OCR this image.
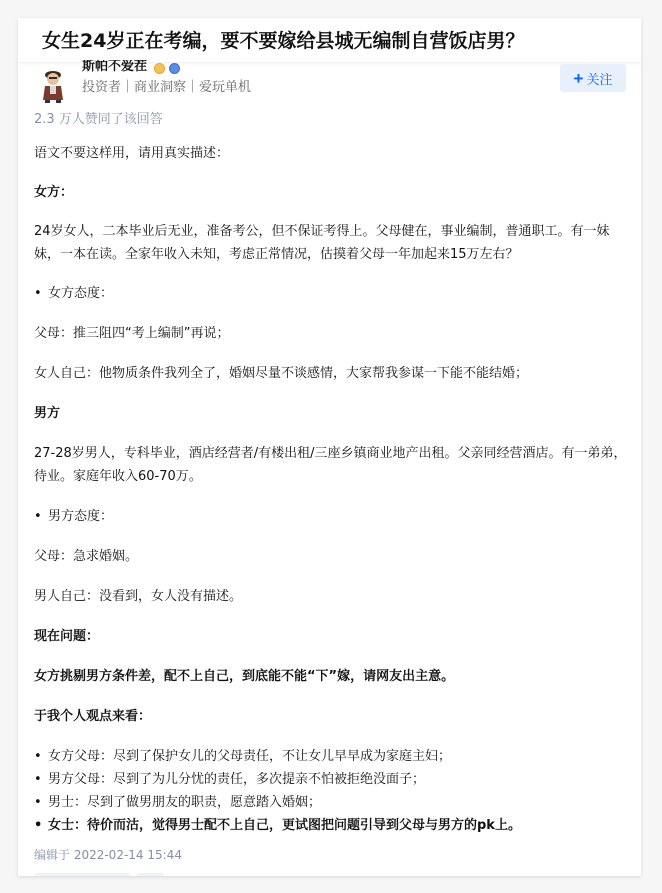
女生24岁正在考编，要不要嫁给县城无编制自营饭店男？
斯帕不爱茬
投资者｜商业洞察｜爱玩单机	+ 关注
2.3 万人赞同了该回答
语文不要这样用，请用真实描述：
女方：
24岁女人，二本毕业后无业，准备考公，但不保证考得上。父母健在，事业编制，普通职工。有一妹妹，一本在读。全家年收入未知，考虑正常情况，估摸着父母一年加起来15万左右？
• 女方态度：
父母：推三阻四“考上编制”再说；
女人自己：他物质条件我列全了，婚姻尽量不谈感情，大家帮我参谋一下能不能结婚；
男方
27-28岁男人，专科毕业，酒店经营者/有楼出租/三座乡镇商业地产出租。父亲同经营酒店。有一弟弟，待业。家庭年收入60-70万。
• 男方态度：
父母：急求婚姻。
男人自己：没看到，女人没有描述。
现在问题：
女方挑剔男方条件差，配不上自己，到底能不能“下”嫁，请网友出主意。
于我个人观点来看：
• 女方父母：尽到了保护女儿的父母责任，不让女儿早早成为家庭主妇；
• 男方父母：尽到了为儿分忧的责任，多次提亲不怕被拒绝没面子；
• 男士：尽到了做男朋友的职责，愿意踏入婚姻；
• 女士：待价而沽，觉得男士配不上自己，更试图把问题引导到父母与男方的pk上。
编辑于 2022-02-14 15:44
